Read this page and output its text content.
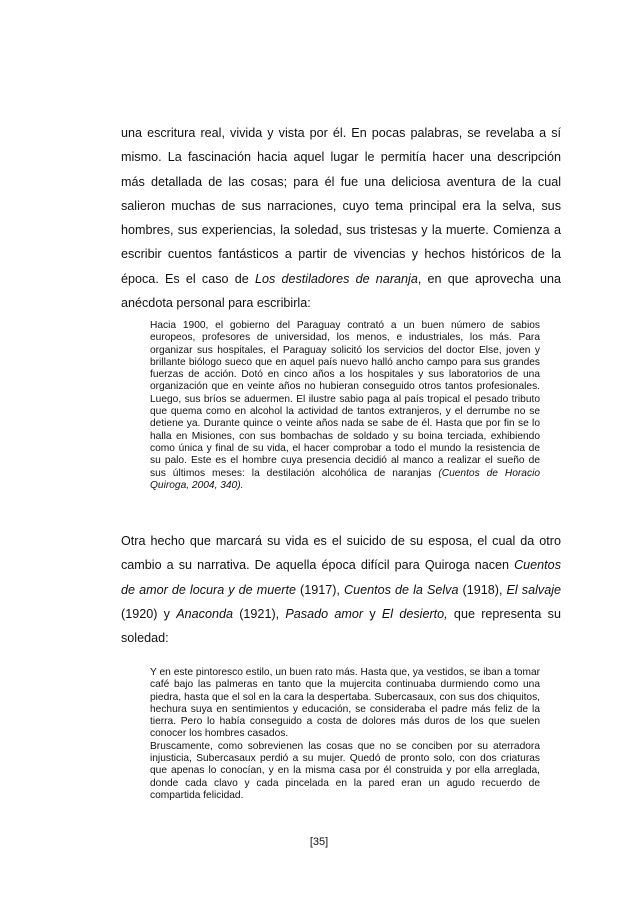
una escritura real, vivida y vista por él. En pocas palabras, se revelaba a sí mismo. La fascinación hacia aquel lugar le permitía hacer una descripción más detallada de las cosas; para él fue una deliciosa aventura de la cual salieron muchas de sus narraciones, cuyo tema principal era la selva, sus hombres, sus experiencias, la soledad, sus tristesas y la muerte. Comienza a escribir cuentos fantásticos a partir de vivencias y hechos históricos de la época. Es el caso de Los destiladores de naranja, en que aprovecha una anécdota personal para escribirla:

Hacia 1900, el gobierno del Paraguay contrató a un buen número de sabios europeos, profesores de universidad, los menos, e industriales, los más. Para organizar sus hospitales, el Paraguay solicitó los servicios del doctor Else, joven y brillante biólogo sueco que en aquel país nuevo halló ancho campo para sus grandes fuerzas de acción. Dotó en cinco años a los hospitales y sus laboratorios de una organización que en veinte años no hubieran conseguido otros tantos profesionales. Luego, sus bríos se aduermen. El ilustre sabio paga al país tropical el pesado tributo que quema como en alcohol la actividad de tantos extranjeros, y el derrumbe no se detiene ya. Durante quince o veinte años nada se sabe de él. Hasta que por fin se lo halla en Misiones, con sus bombachas de soldado y su boina terciada, exhibiendo como única y final de su vida, el hacer comprobar a todo el mundo la resistencia de su palo. Este es el hombre cuya presencia decidió al manco a realizar el sueño de sus últimos meses: la destilación alcohólica de naranjas (Cuentos de Horacio Quiroga, 2004, 340).

Otra hecho que marcará su vida es el suicido de su esposa, el cual da otro cambio a su narrativa. De aquella época difícil para Quiroga nacen Cuentos de amor de locura y de muerte (1917), Cuentos de la Selva (1918), El salvaje (1920) y Anaconda (1921), Pasado amor y El desierto, que representa su soledad:

Y en este pintoresco estilo, un buen rato más. Hasta que, ya vestidos, se iban a tomar café bajo las palmeras en tanto que la mujercita continuaba durmiendo como una piedra, hasta que el sol en la cara la despertaba. Subercasaux, con sus dos chiquitos, hechura suya en sentimientos y educación, se consideraba el padre más feliz de la tierra. Pero lo había conseguido a costa de dolores más duros de los que suelen conocer los hombres casados.
Bruscamente, como sobrevienen las cosas que no se conciben por su aterradora injusticia, Subercasaux perdió a su mujer. Quedó de pronto solo, con dos criaturas que apenas lo conocían, y en la misma casa por él construida y por ella arreglada, donde cada clavo y cada pincelada en la pared eran un agudo recuerdo de compartida felicidad.
[35]
